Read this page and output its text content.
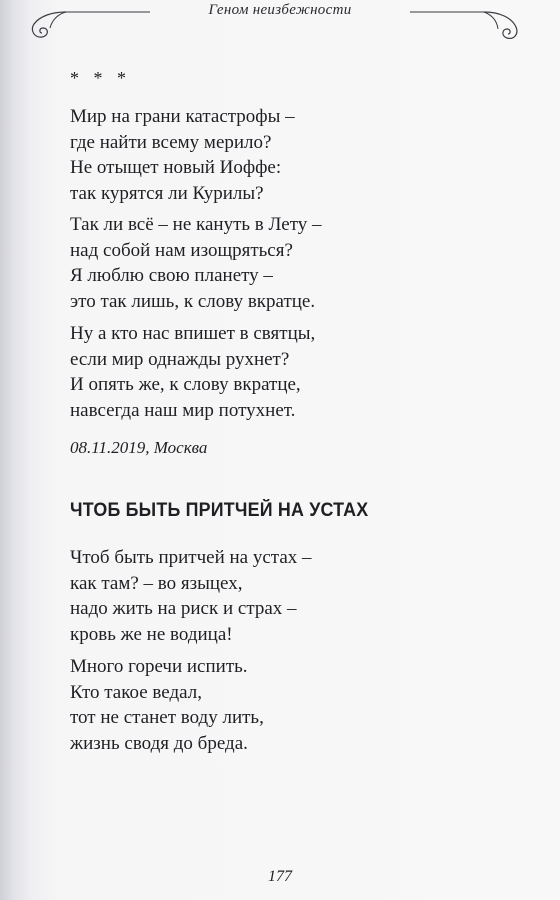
Геном неизбежности
* * *
Мир на грани катастрофы –
где найти всему мерило?
Не отыщет новый Иоффе:
так курятся ли Курилы?
Так ли всё – не кануть в Лету –
над собой нам изощряться?
Я люблю свою планету –
это так лишь, к слову вкратце.
Ну а кто нас впишет в святцы,
если мир однажды рухнет?
И опять же, к слову вкратце,
навсегда наш мир потухнет.
08.11.2019, Москва
ЧТОБ БЫТЬ ПРИТЧЕЙ НА УСТАХ
Чтоб быть притчей на устах –
как там? – во языцех,
надо жить на риск и страх –
кровь же не водица!
Много горечи испить.
Кто такое ведал,
тот не станет воду лить,
жизнь сводя до бреда.
177
